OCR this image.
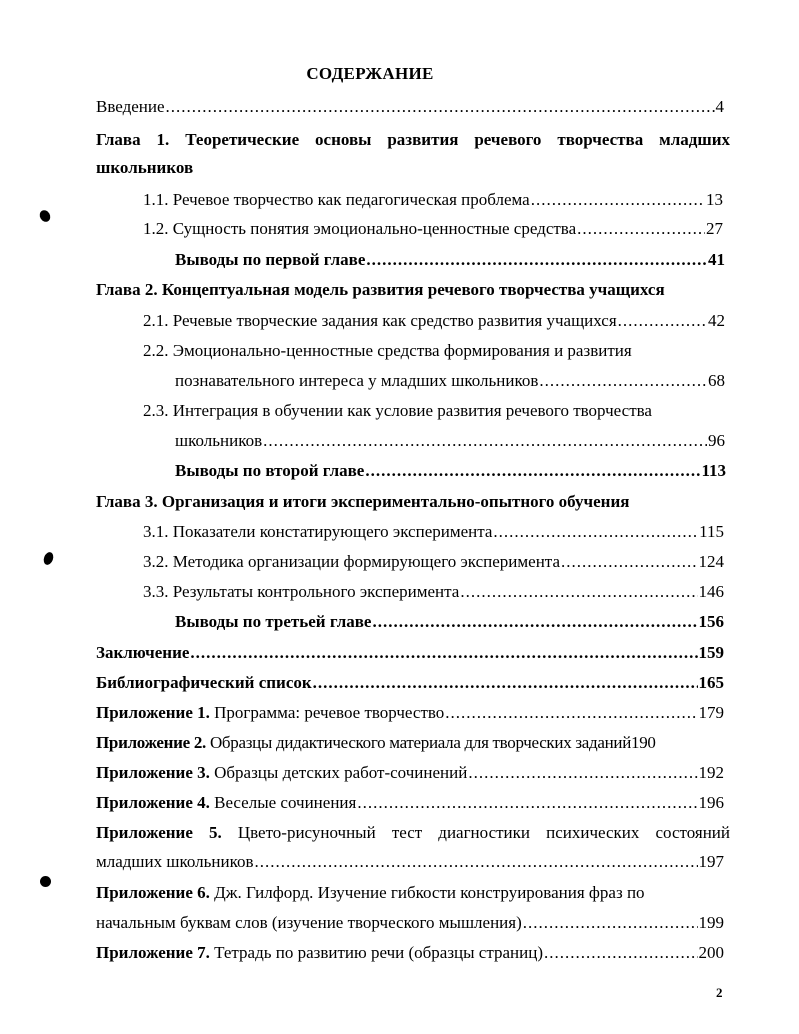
СОДЕРЖАНИЕ
Введение .....	4
Глава 1. Теоретические основы развития речевого творчества младших
школьников
1.1. Речевое творчество как педагогическая проблема .....	13
1.2. Сущность понятия эмоционально-ценностные средства .....	27
Выводы по первой главе .....	41
Глава 2. Концептуальная модель развития речевого творчества учащихся
2.1. Речевые творческие задания как средство развития учащихся .....	42
2.2. Эмоционально-ценностные средства формирования и развития
познавательного интереса у младших школьников .....	68
2.3. Интеграция в обучении как условие развития речевого творчества
школьников .....	96
Выводы по второй главе .....	113
Глава 3. Организация и итоги экспериментально-опытного обучения
3.1. Показатели констатирующего эксперимента .....	115
3.2. Методика организации формирующего эксперимента .....	124
3.3. Результаты контрольного эксперимента .....	146
Выводы по третьей главе .....	156
Заключение .....	159
Библиографический список .....	165
Приложение 1. Программа: речевое творчество .....	179
Приложение 2. Образцы дидактического материала для творческих заданий190
Приложение 3. Образцы детских работ-сочинений .....	192
Приложение 4. Веселые сочинения .....	196
Приложение 5. Цвето-рисуночный тест диагностики психических состояний
младших школьников .....	197
Приложение 6. Дж. Гилфорд. Изучение гибкости конструирования фраз по
начальным буквам слов (изучение творческого мышления) .....	199
Приложение 7. Тетрадь по развитию речи (образцы страниц) .....	200
2
